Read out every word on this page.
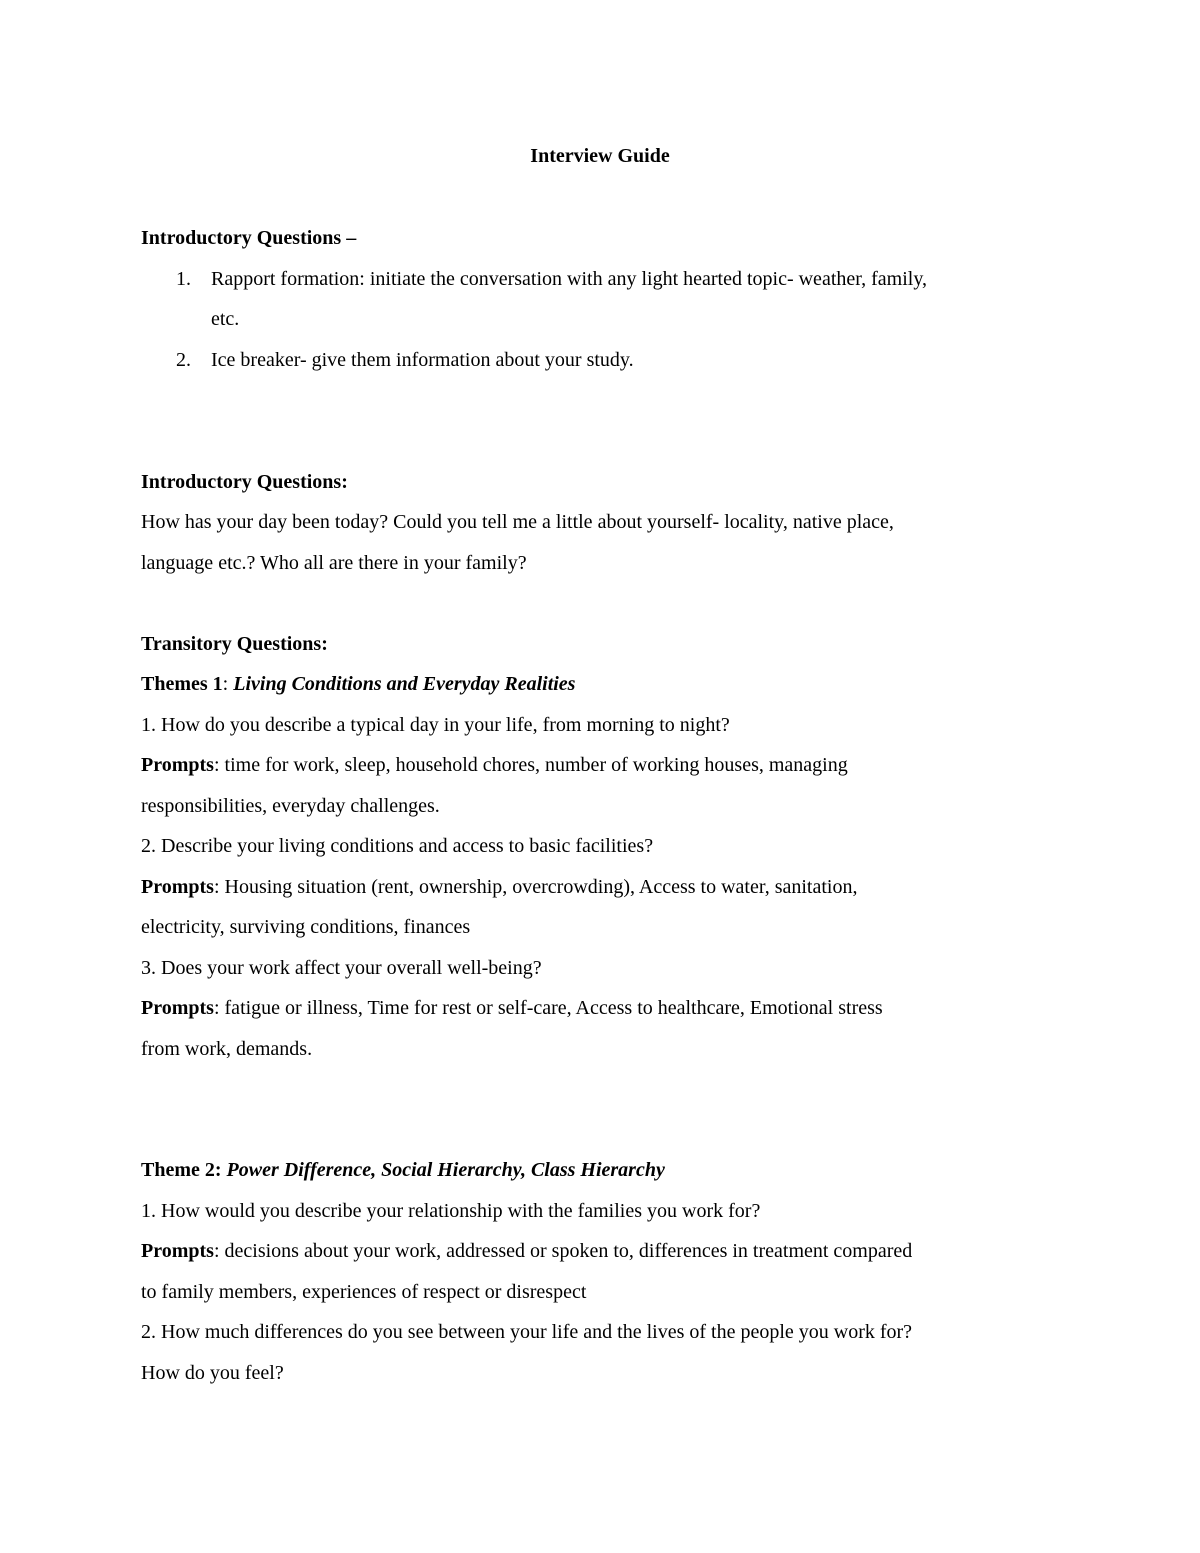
Interview Guide
Introductory Questions –
1. Rapport formation: initiate the conversation with any light hearted topic- weather, family,
etc.
2. Ice breaker- give them information about your study.
Introductory Questions:
How has your day been today? Could you tell me a little about yourself- locality, native place,
language etc.? Who all are there in your family?
Transitory Questions:
Themes 1: Living Conditions and Everyday Realities
1. How do you describe a typical day in your life, from morning to night?
Prompts: time for work, sleep, household chores, number of working houses, managing
responsibilities, everyday challenges.
2. Describe your living conditions and access to basic facilities?
Prompts: Housing situation (rent, ownership, overcrowding), Access to water, sanitation,
electricity, surviving conditions, finances
3. Does your work affect your overall well-being?
Prompts: fatigue or illness, Time for rest or self-care, Access to healthcare, Emotional stress
from work, demands.
Theme 2: Power Difference, Social Hierarchy, Class Hierarchy
1. How would you describe your relationship with the families you work for?
Prompts: decisions about your work, addressed or spoken to, differences in treatment compared
to family members, experiences of respect or disrespect
2. How much differences do you see between your life and the lives of the people you work for?
How do you feel?
